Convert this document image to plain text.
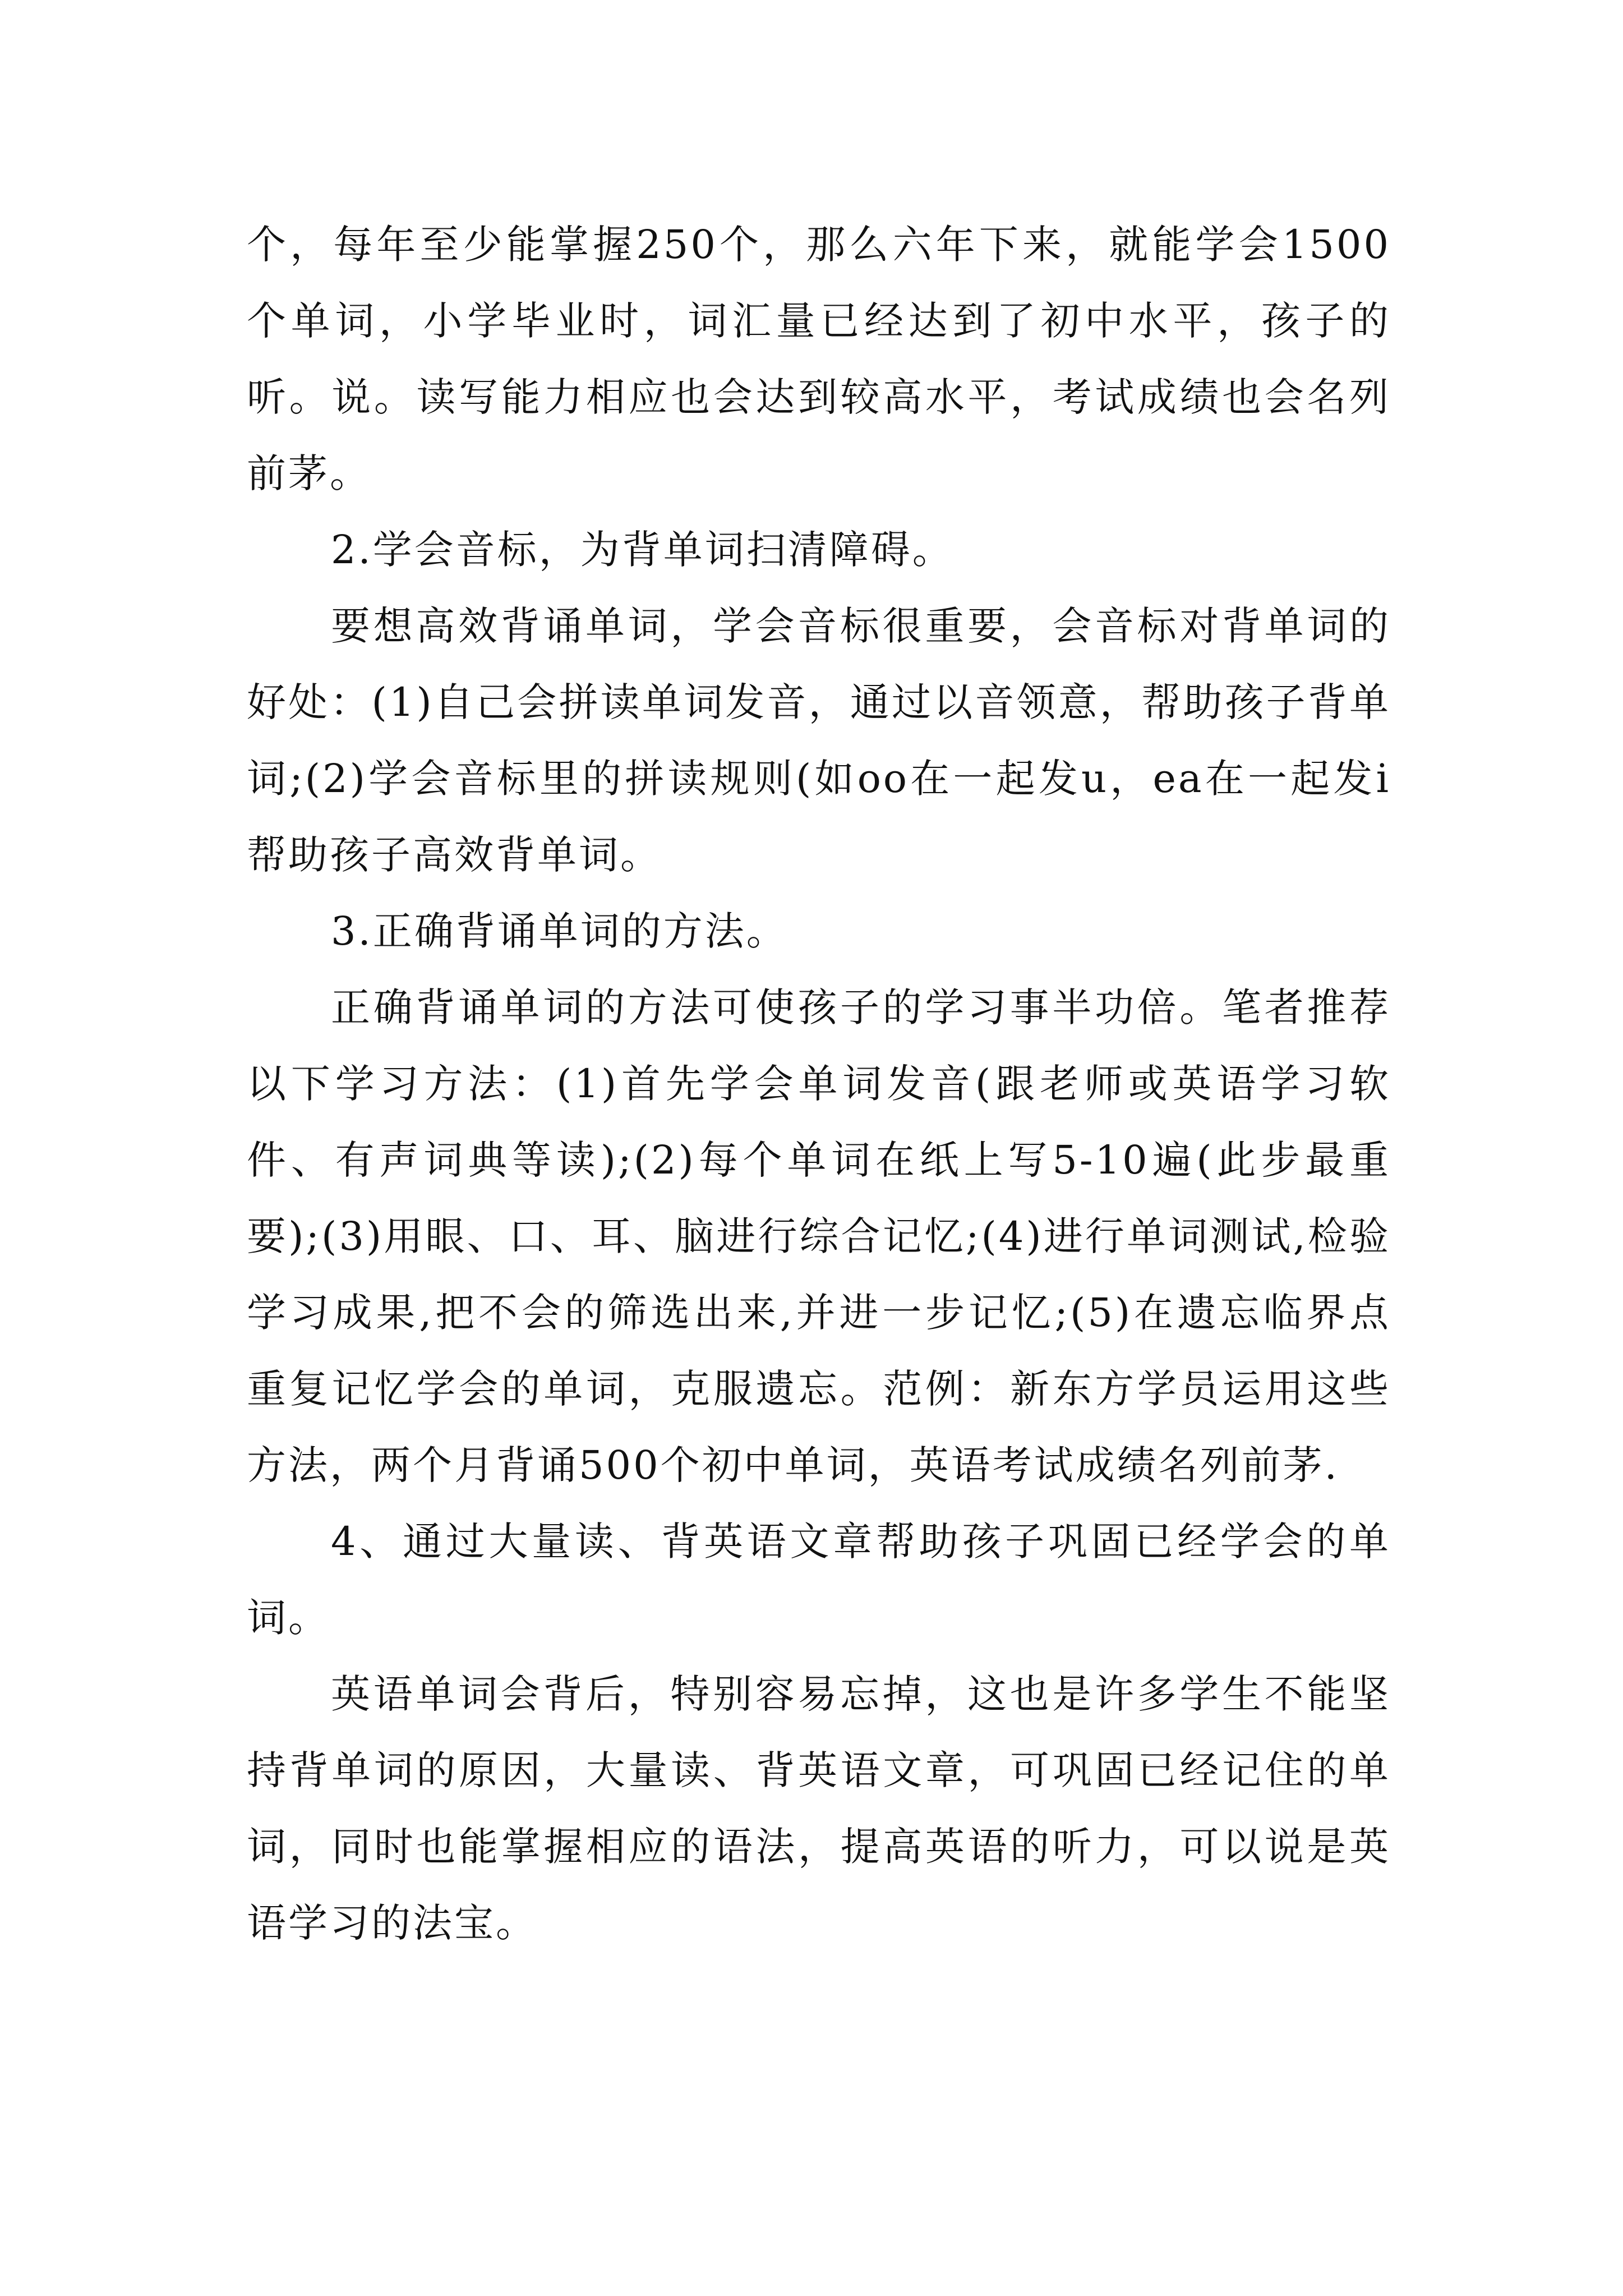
个，每年至少能掌握250个，那么六年下来，就能学会1500个单词，小学毕业时，词汇量已经达到了初中水平，孩子的听。说。读写能力相应也会达到较高水平，考试成绩也会名列前茅。

2.学会音标，为背单词扫清障碍。

要想高效背诵单词，学会音标很重要，会音标对背单词的好处：(1)自己会拼读单词发音，通过以音领意，帮助孩子背单词;(2)学会音标里的拼读规则(如oo在一起发u，ea在一起发i 帮助孩子高效背单词。

3.正确背诵单词的方法。

正确背诵单词的方法可使孩子的学习事半功倍。笔者推荐以下学习方法：(1)首先学会单词发音(跟老师或英语学习软件、有声词典等读);(2)每个单词在纸上写5-10遍(此步最重要);(3)用眼、口、耳、脑进行综合记忆;(4)进行单词测试,检验学习成果,把不会的筛选出来,并进一步记忆;(5)在遗忘临界点重复记忆学会的单词，克服遗忘。范例：新东方学员运用这些方法，两个月背诵500个初中单词，英语考试成绩名列前茅.

4、通过大量读、背英语文章帮助孩子巩固已经学会的单词。

英语单词会背后，特别容易忘掉，这也是许多学生不能坚持背单词的原因，大量读、背英语文章，可巩固已经记住的单词，同时也能掌握相应的语法，提高英语的听力，可以说是英语学习的法宝。
